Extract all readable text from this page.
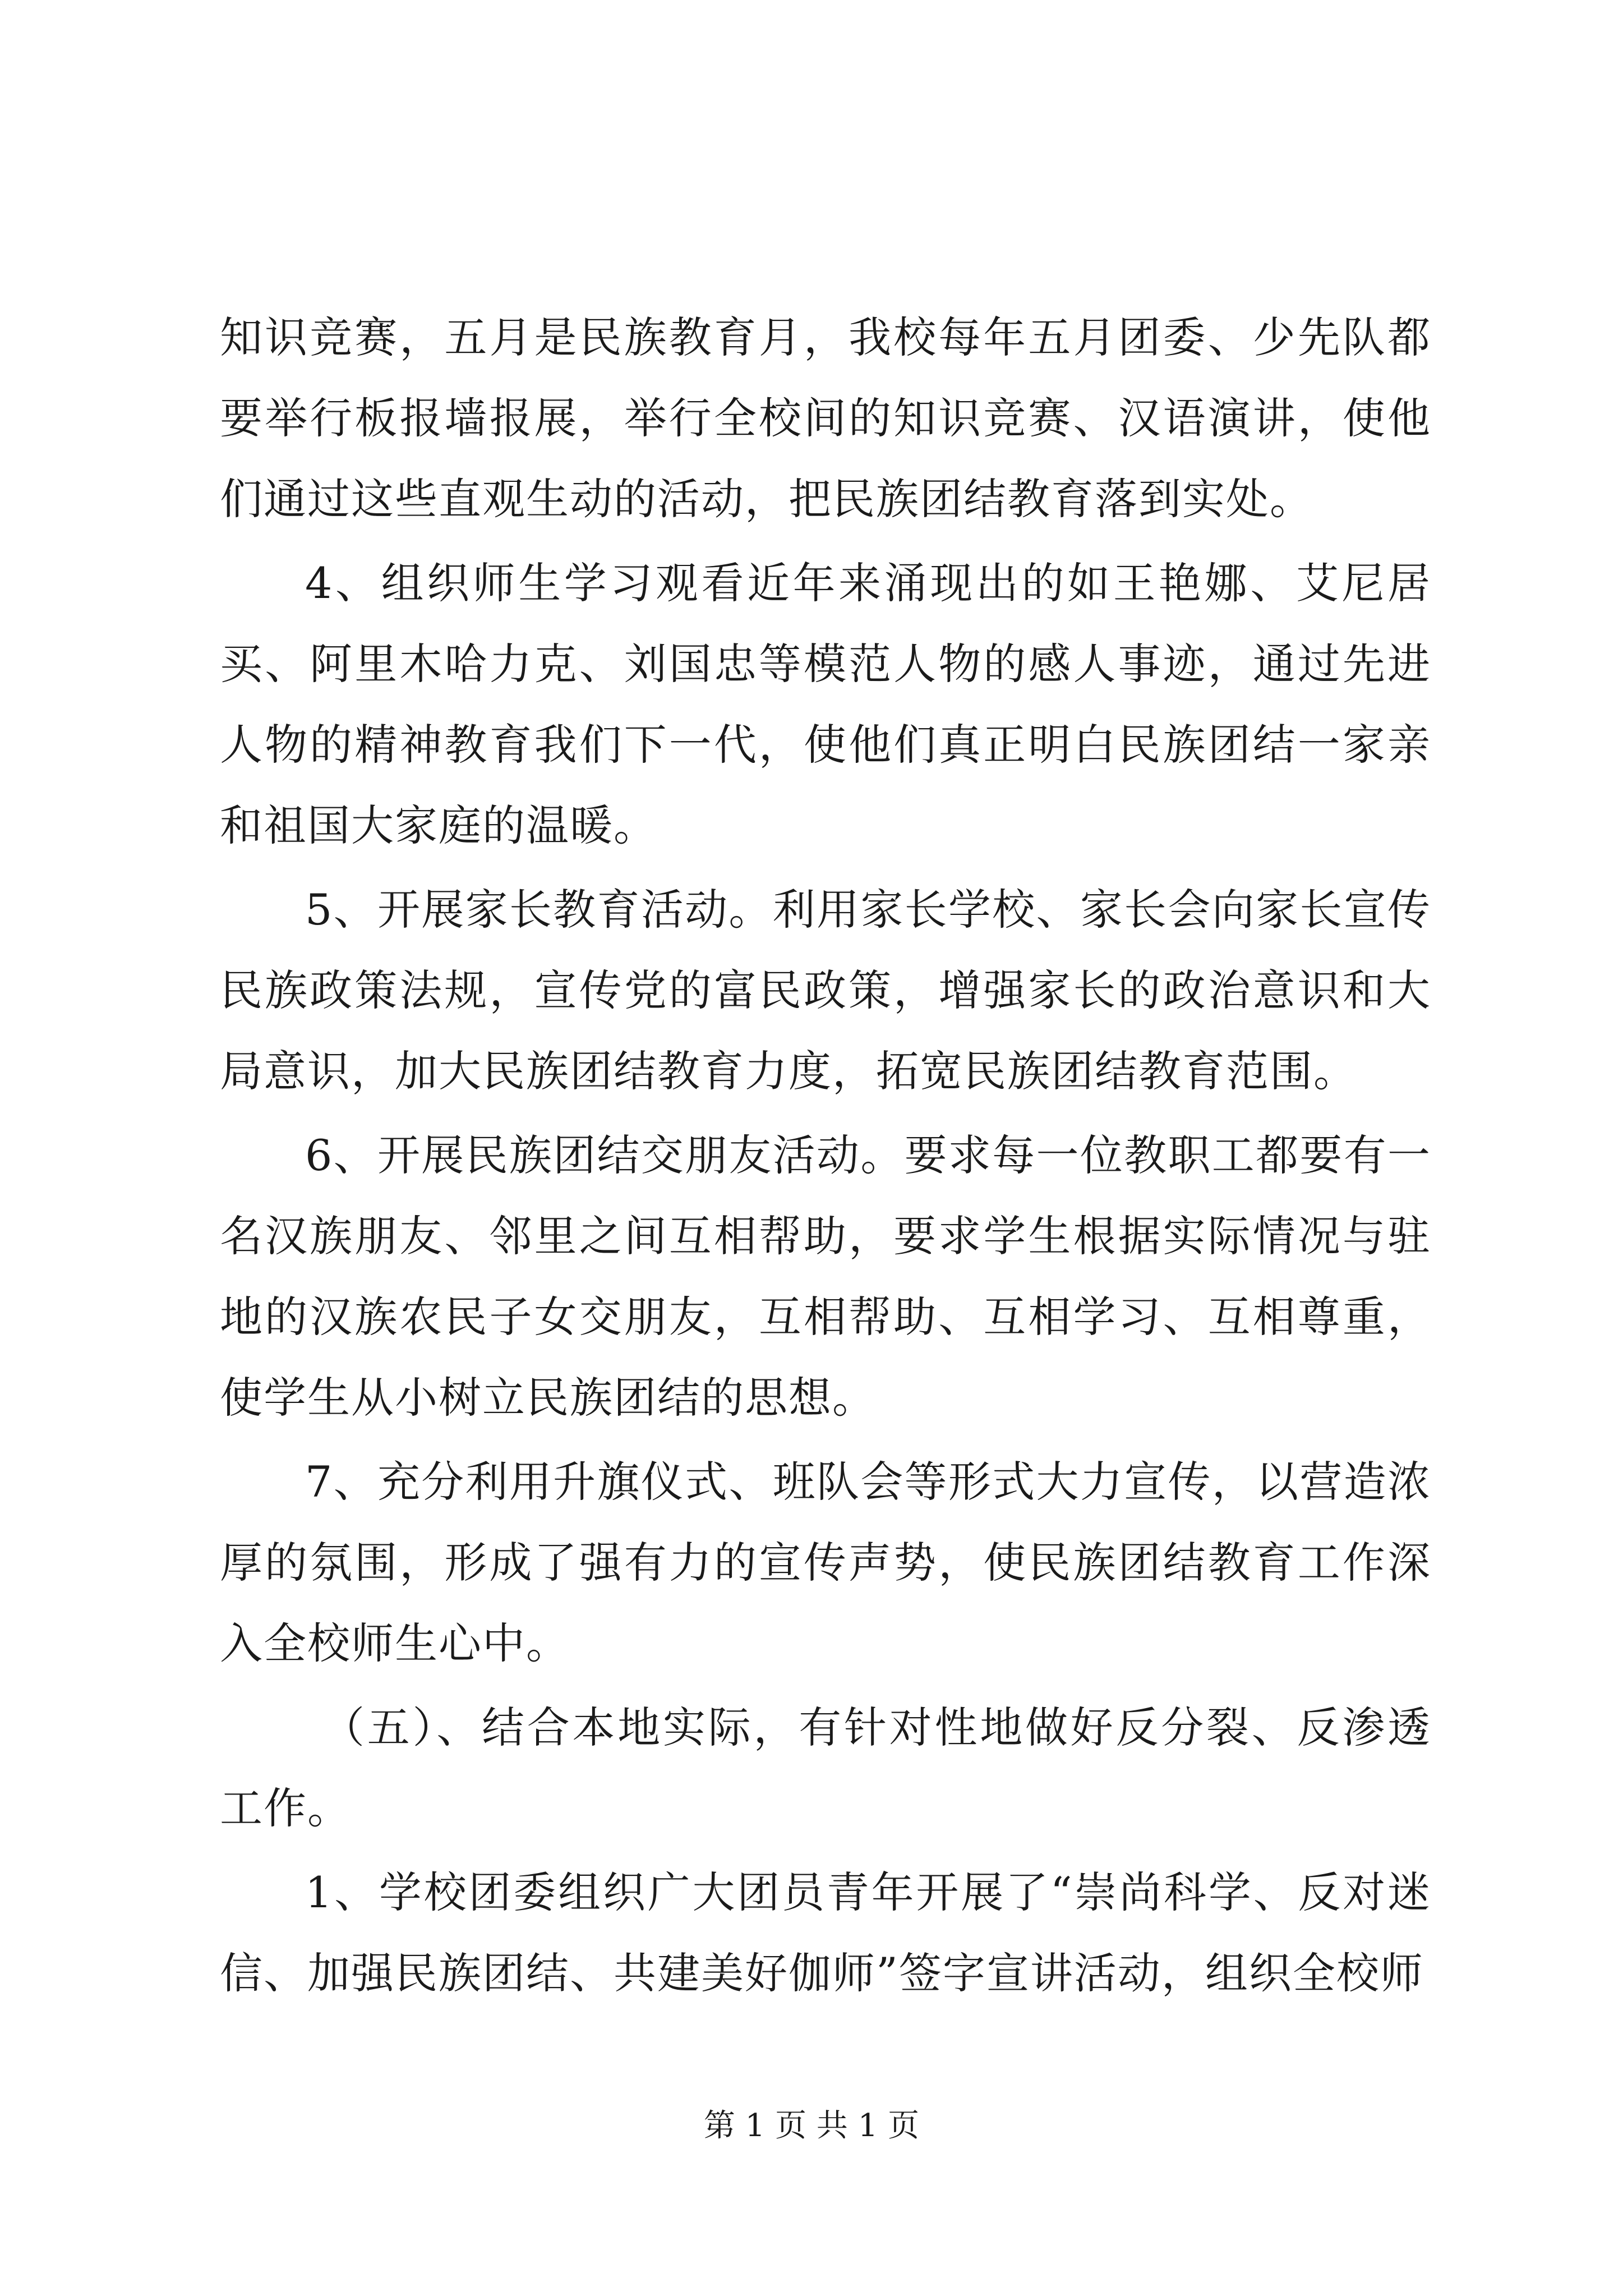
知识竞赛，五月是民族教育月，我校每年五月团委、少先队都要举行板报墙报展，举行全校间的知识竞赛、汉语演讲，使他们通过这些直观生动的活动，把民族团结教育落到实处。

4、组织师生学习观看近年来涌现出的如王艳娜、艾尼居买、阿里木哈力克、刘国忠等模范人物的感人事迹，通过先进人物的精神教育我们下一代，使他们真正明白民族团结一家亲和祖国大家庭的温暖。

5、开展家长教育活动。利用家长学校、家长会向家长宣传民族政策法规，宣传党的富民政策，增强家长的政治意识和大局意识，加大民族团结教育力度，拓宽民族团结教育范围。

6、开展民族团结交朋友活动。要求每一位教职工都要有一名汉族朋友、邻里之间互相帮助，要求学生根据实际情况与驻地的汉族农民子女交朋友，互相帮助、互相学习、互相尊重，使学生从小树立民族团结的思想。

7、充分利用升旗仪式、班队会等形式大力宣传，以营造浓厚的氛围，形成了强有力的宣传声势，使民族团结教育工作深入全校师生心中。

（五）、结合本地实际，有针对性地做好反分裂、反渗透工作。

1、学校团委组织广大团员青年开展了“崇尚科学、反对迷信、加强民族团结、共建美好伽师”签字宣讲活动，组织全校师

第 1 页 共 1 页
